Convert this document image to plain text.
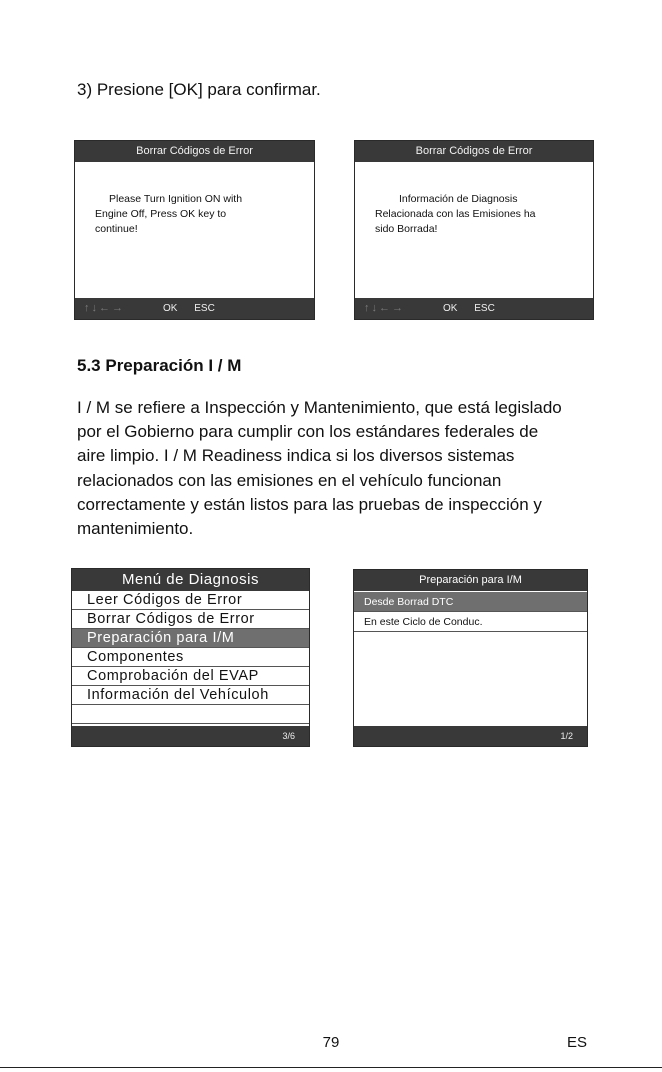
3) Presione [OK] para confirmar.
Borrar Códigos de Error
Please Turn Ignition ON with
Engine Off, Press OK key to
continue!
↑↓←→	OK ESC
Borrar Códigos de Error
Información de Diagnosis
Relacionada con las Emisiones ha
sido Borrada!
↑↓←→	OK ESC
5.3 Preparación I / M

I / M se refiere a Inspección y Mantenimiento, que está legislado

por el Gobierno para cumplir con los estándares federales de

aire limpio. I / M Readiness indica si los diversos sistemas

relacionados con las emisiones en el vehículo funcionan

correctamente y están listos para las pruebas de inspección y

mantenimiento.

Menú de Diagnosis
Leer Códigos de Error
Borrar Códigos de Error
Preparación para I/M
Componentes
Comprobación del EVAP
Información del Vehículoh
3/6
Preparación para I/M
Desde Borrad DTC
En este Ciclo de Conduc.
1/2
79	ES
